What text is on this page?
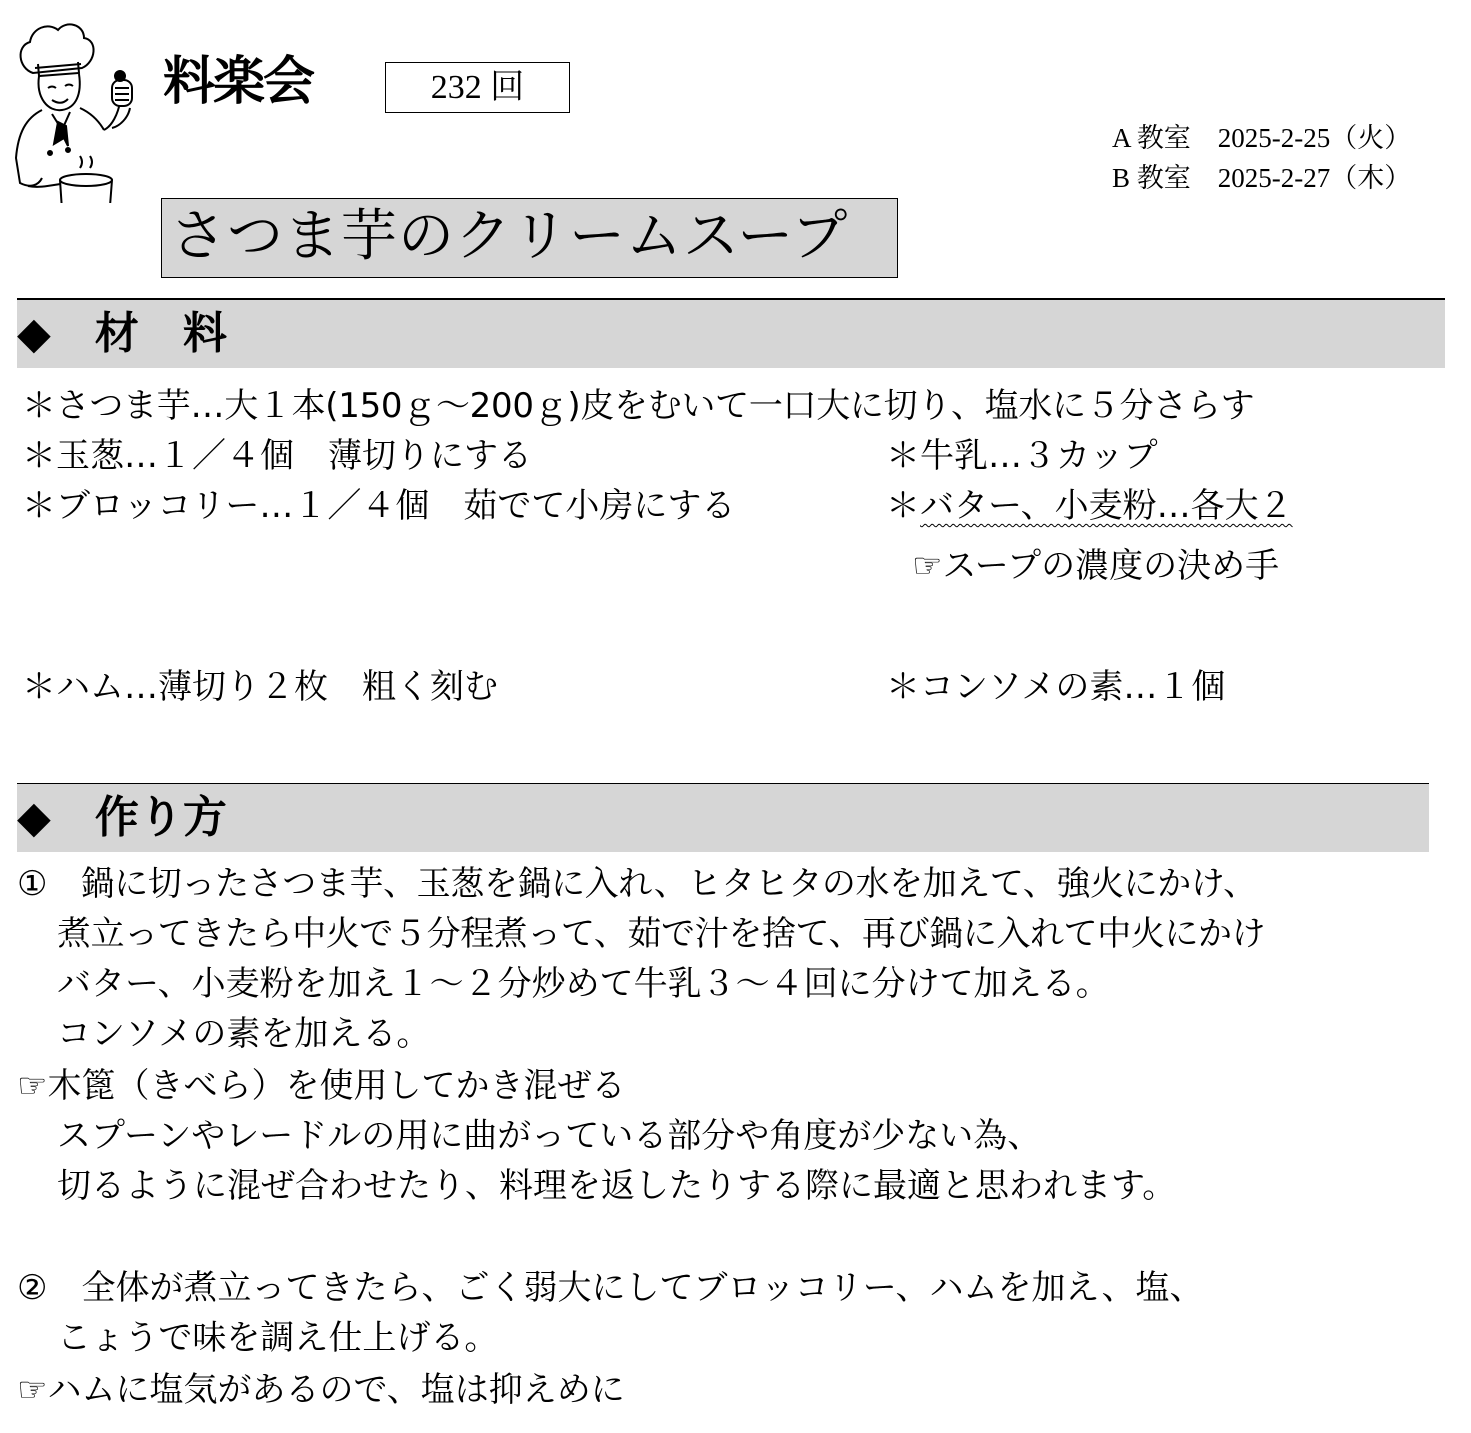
料楽会	232 回
A 教室　 2025-2-25（火）
B 教室　 2025-2-27（木）
さつま芋のクリームスープ
◆　材　料
＊さつま芋…大１本(150ｇ～200ｇ)皮をむいて一口大に切り、塩水に５分さらす
＊玉葱…１／４個　薄切りにする
＊ブロッコリー…１／４個　茹でて小房にする
＊ハム…薄切り２枚　粗く刻む
＊牛乳…３カップ
＊バター、小麦粉…各大２
☞スープの濃度の決め手
＊コンソメの素…１個
◆　作り方
①　鍋に切ったさつま芋、玉葱を鍋に入れ、ヒタヒタの水を加えて、強火にかけ、
煮立ってきたら中火で５分程煮って、茹で汁を捨て、再び鍋に入れて中火にかけ
バター、小麦粉を加え１～２分炒めて牛乳３～４回に分けて加える。
コンソメの素を加える。
☞木篦（きべら）を使用してかき混ぜる
スプーンやレードルの用に曲がっている部分や角度が少ない為、
切るように混ぜ合わせたり、料理を返したりする際に最適と思われます。
②　全体が煮立ってきたら、ごく弱大にしてブロッコリー、ハムを加え、塩、
こょうで味を調え仕上げる。
☞ハムに塩気があるので、塩は抑えめに
